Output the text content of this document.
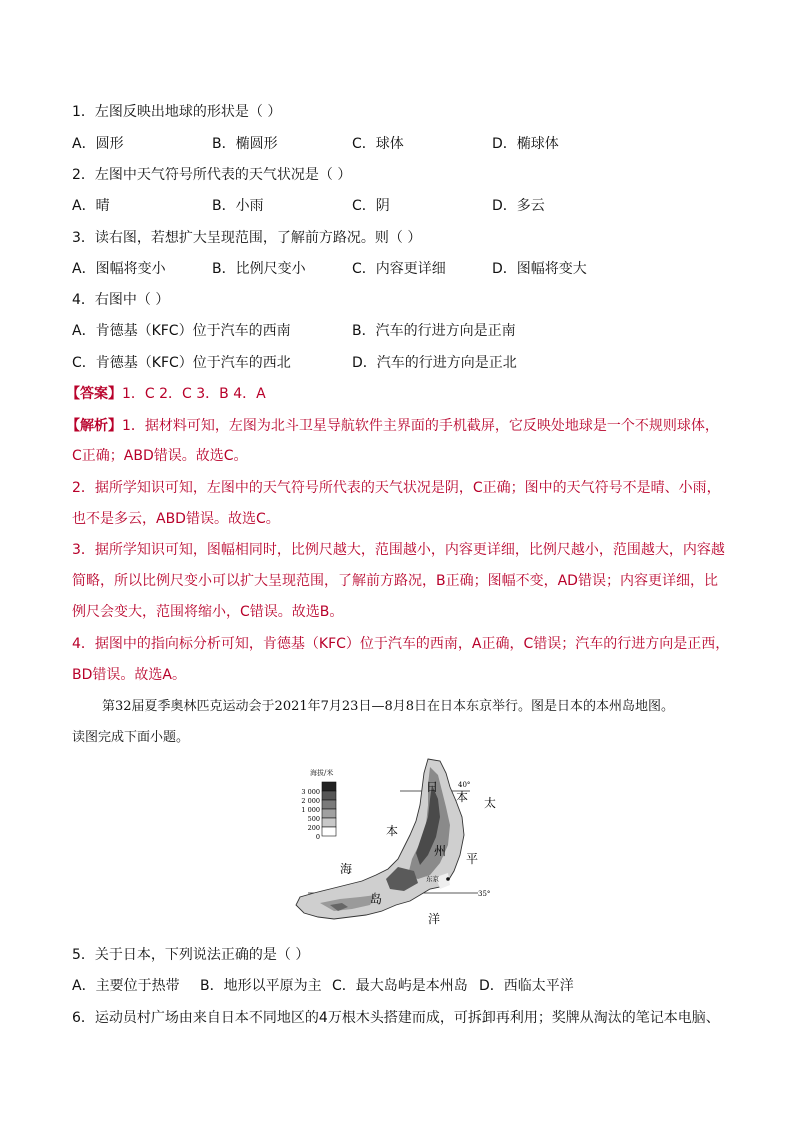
1．左图反映出地球的形状是（ ）
A．圆形	B．椭圆形	C．球体	D．椭球体
2．左图中天气符号所代表的天气状况是（ ）
A．晴	B．小雨	C．阴	D．多云
3．读右图，若想扩大呈现范围，了解前方路况。则（ ）
A．图幅将变小	B．比例尺变小	C．内容更详细	D．图幅将变大
4．右图中（ ）
A．肯德基（KFC）位于汽车的西南	B．汽车的行进方向是正南
C．肯德基（KFC）位于汽车的西北	D．汽车的行进方向是正北
【答案】1．C 2．C 3．B 4．A
【解析】1．据材料可知，左图为北斗卫星导航软件主界面的手机截屏，它反映处地球是一个不规则球体，
C正确；ABD错误。故选C。
2．据所学知识可知，左图中的天气符号所代表的天气状况是阴，C正确；图中的天气符号不是晴、小雨，
也不是多云，ABD错误。故选C。
3．据所学知识可知，图幅相同时，比例尺越大，范围越小，内容更详细，比例尺越小，范围越大，内容越
简略，所以比例尺变小可以扩大呈现范围，了解前方路况，B正确；图幅不变，AD错误；内容更详细，比
例尺会变大，范围将缩小，C错误。故选B。
4．据图中的指向标分析可知，肯德基（KFC）位于汽车的西南，A正确，C错误；汽车的行进方向是正西，
BD错误。故选A。
第32届夏季奥林匹克运动会于2021年7月23日—8月8日在日本东京举行。图是日本的本州岛地图。
读图完成下面小题。
海拔/米
3 000
2 000
1 000
500
200
0
40°
35°
东京
日
本
海
太
平
洋
本
州
岛
5．关于日本，下列说法正确的是（ ）
A．主要位于热带 B．地形以平原为主 C．最大岛屿是本州岛 D．西临太平洋
6．运动员村广场由来自日本不同地区的4万根木头搭建而成，可拆卸再利用；奖牌从淘汰的笔记本电脑、
